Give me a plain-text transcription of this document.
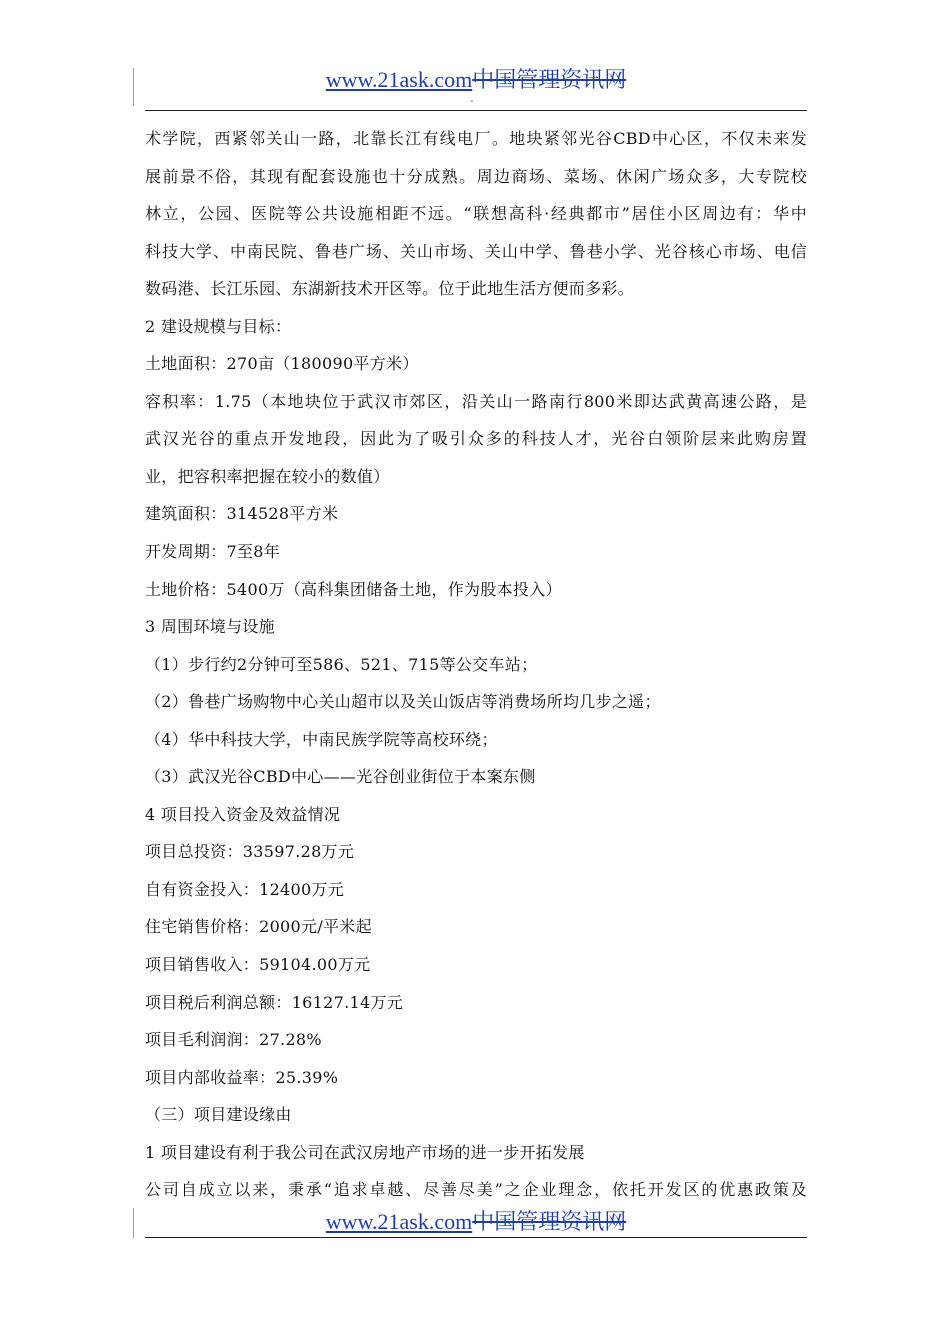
www.21ask.com中国管理资讯网
-
术学院，西紧邻关山一路，北靠长江有线电厂。地块紧邻光谷CBD中心区，不仅未来发
展前景不俗，其现有配套设施也十分成熟。周边商场、菜场、休闲广场众多，大专院校
林立，公园、医院等公共设施相距不远。“联想高科·经典都市”居住小区周边有：华中
科技大学、中南民院、鲁巷广场、关山市场、关山中学、鲁巷小学、光谷核心市场、电信
数码港、长江乐园、东湖新技术开区等。位于此地生活方便而多彩。
2 建设规模与目标：
土地面积：270亩（180090平方米）
容积率：1.75（本地块位于武汉市郊区，沿关山一路南行800米即达武黄高速公路，是
武汉光谷的重点开发地段，因此为了吸引众多的科技人才，光谷白领阶层来此购房置
业，把容积率把握在较小的数值）
建筑面积：314528平方米
开发周期：7至8年
土地价格：5400万（高科集团储备土地，作为股本投入）
3 周围环境与设施
（1）步行约2分钟可至586、521、715等公交车站；
（2）鲁巷广场购物中心关山超市以及关山饭店等消费场所均几步之遥；
（4）华中科技大学，中南民族学院等高校环绕；
（3）武汉光谷CBD中心——光谷创业街位于本案东侧
4 项目投入资金及效益情况
项目总投资：33597.28万元
自有资金投入：12400万元
住宅销售价格：2000元/平米起
项目销售收入：59104.00万元
项目税后利润总额：16127.14万元
项目毛利润润：27.28%
项目内部收益率：25.39%
（三）项目建设缘由
1 项目建设有利于我公司在武汉房地产市场的进一步开拓发展
公司自成立以来，秉承“追求卓越、尽善尽美”之企业理念，依托开发区的优惠政策及
www.21ask.com中国管理资讯网
